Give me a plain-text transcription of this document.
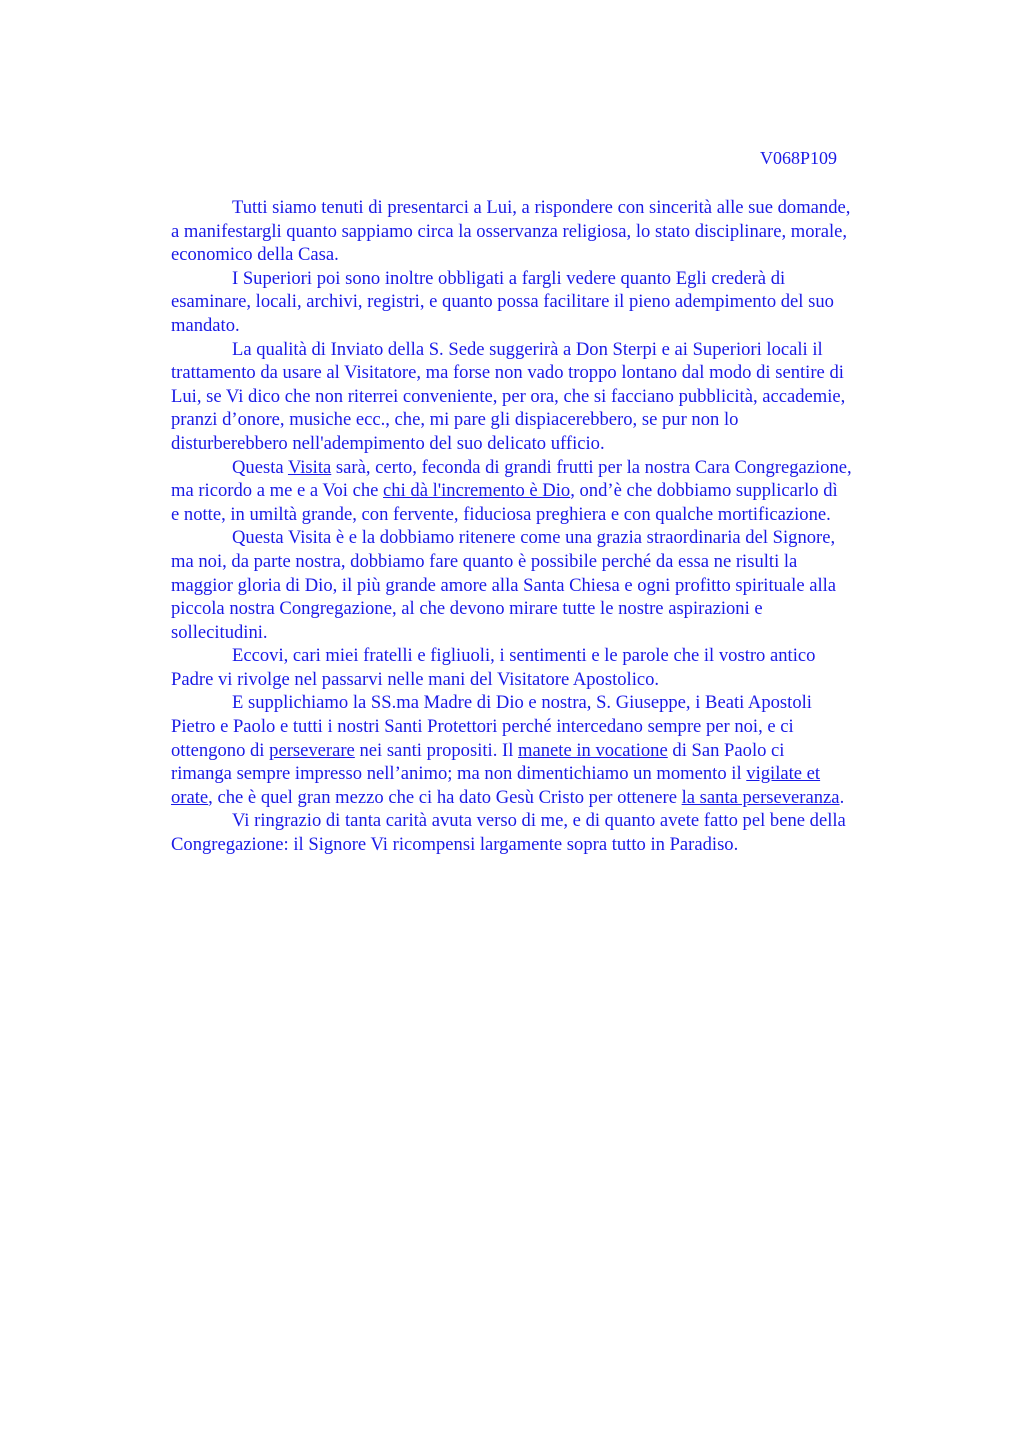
V068P109

Tutti siamo tenuti di presentarci a Lui, a rispondere con sincerità alle sue domande,
a manifestargli quanto sappiamo circa la osservanza religiosa, lo stato disciplinare, morale,
economico della Casa.

I Superiori poi sono inoltre obbligati a fargli vedere quanto Egli crederà di
esaminare, locali, archivi, registri, e quanto possa facilitare il pieno adempimento del suo
mandato.

La qualità di Inviato della S. Sede suggerirà a Don Sterpi e ai Superiori locali il
trattamento da usare al Visitatore, ma forse non vado troppo lontano dal modo di sentire di
Lui, se Vi dico che non riterrei conveniente, per ora, che si facciano pubblicità, accademie,
pranzi d’onore, musiche ecc., che, mi pare gli dispiacerebbero, se pur non lo
disturberebbero nell'adempimento del suo delicato ufficio.

Questa Visita sarà, certo, feconda di grandi frutti per la nostra Cara Congregazione,
ma ricordo a me e a Voi che chi dà l'incremento è Dio, ond’è che dobbiamo supplicarlo dì
e notte, in umiltà grande, con fervente, fiduciosa preghiera e con qualche mortificazione.

Questa Visita è e la dobbiamo ritenere come una grazia straordinaria del Signore,
ma noi, da parte nostra, dobbiamo fare quanto è possibile perché da essa ne risulti la
maggior gloria di Dio, il più grande amore alla Santa Chiesa e ogni profitto spirituale alla
piccola nostra Congregazione, al che devono mirare tutte le nostre aspirazioni e
sollecitudini.

Eccovi, cari miei fratelli e figliuoli, i sentimenti e le parole che il vostro antico
Padre vi rivolge nel passarvi nelle mani del Visitatore Apostolico.

E supplichiamo la SS.ma Madre di Dio e nostra, S. Giuseppe, i Beati Apostoli
Pietro e Paolo e tutti i nostri Santi Protettori perché intercedano sempre per noi, e ci
ottengono di perseverare nei santi propositi. Il manete in vocatione di San Paolo ci
rimanga sempre impresso nell’animo; ma non dimentichiamo un momento il vigilate et
orate, che è quel gran mezzo che ci ha dato Gesù Cristo per ottenere la santa perseveranza.

Vi ringrazio di tanta carità avuta verso di me, e di quanto avete fatto pel bene della
Congregazione: il Signore Vi ricompensi largamente sopra tutto in Paradiso.
